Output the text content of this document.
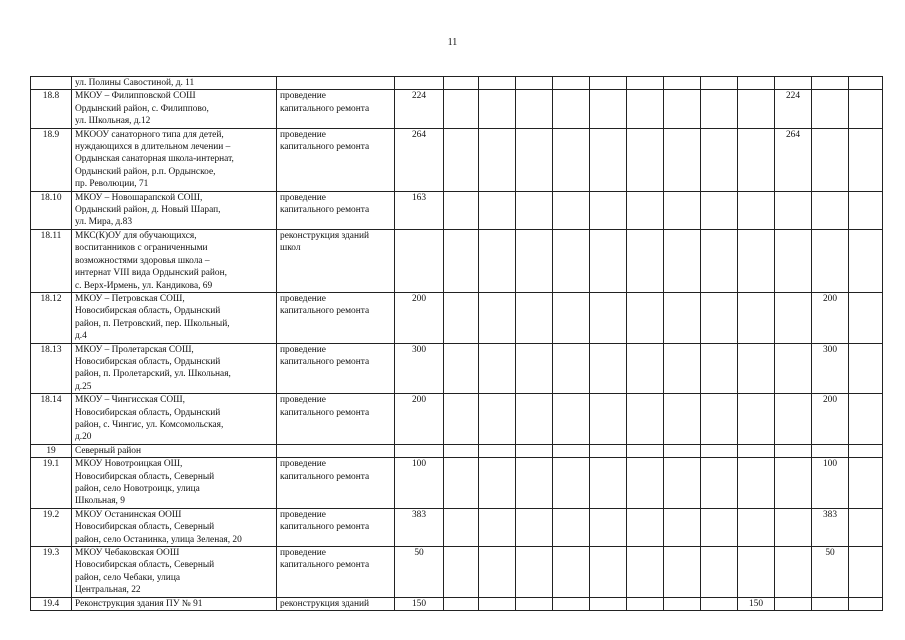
11

	ул. Полины Савостиной, д. 11															

18.8	МКОУ – Филипповской СОШ
Ордынский район, с. Филиппово,
ул. Школьная, д.12	проведение
капитального ремонта	224										224				
18.9	МКООУ санаторного типа для детей,
нуждающихся в длительном лечении –
Ордынская санаторная школа-интернат,
Ордынский район, р.п. Ордынское,
пр. Революции, 71	проведение
капитального ремонта	264										264				
18.10	МКОУ – Новошарапской СОШ,
Ордынский район, д. Новый Шарап,
ул. Мира, д.83	проведение
капитального ремонта	163														
18.11	МКС(К)ОУ для обучающихся,
воспитанников с ограниченными
возможностями здоровья школа –
интернат VIII вида Ордынский район,
с. Верх-Ирмень, ул. Кандикова, 69	реконструкция зданий
школ														

18.12	МКОУ – Петровская СОШ,
Новосибирская область, Ордынский
район, п. Петровский, пер. Школьный,
д.4	проведение
капитального ремонта	200											200			
18.13	МКОУ – Пролетарская СОШ,
Новосибирская область, Ордынский
район, п. Пролетарский, ул. Школьная,
д.25	проведение
капитального ремонта	300											300			
18.14	МКОУ – Чингисская СОШ,
Новосибирская область, Ордынский
район, с. Чингис, ул. Комсомольская,
д.20	проведение
капитального ремонта	200											200			
19	Северный район															

19.1	МКОУ Новотроицкая ОШ,
Новосибирская область, Северный
район, село Новотроицк, улица
Школьная, 9	проведение
капитального ремонта	100											100			
19.2	МКОУ Останинская ООШ
Новосибирская область, Северный
район, село Останинка, улица Зеленая, 20	проведение
капитального ремонта	383											383			
19.3	МКОУ Чебаковская ООШ
Новосибирская область, Северный
район, село Чебаки, улица
Центральная, 22	проведение
капитального ремонта	50											50			
19.4	Реконструкция здания ПУ № 91	реконструкция зданий	150									150					
